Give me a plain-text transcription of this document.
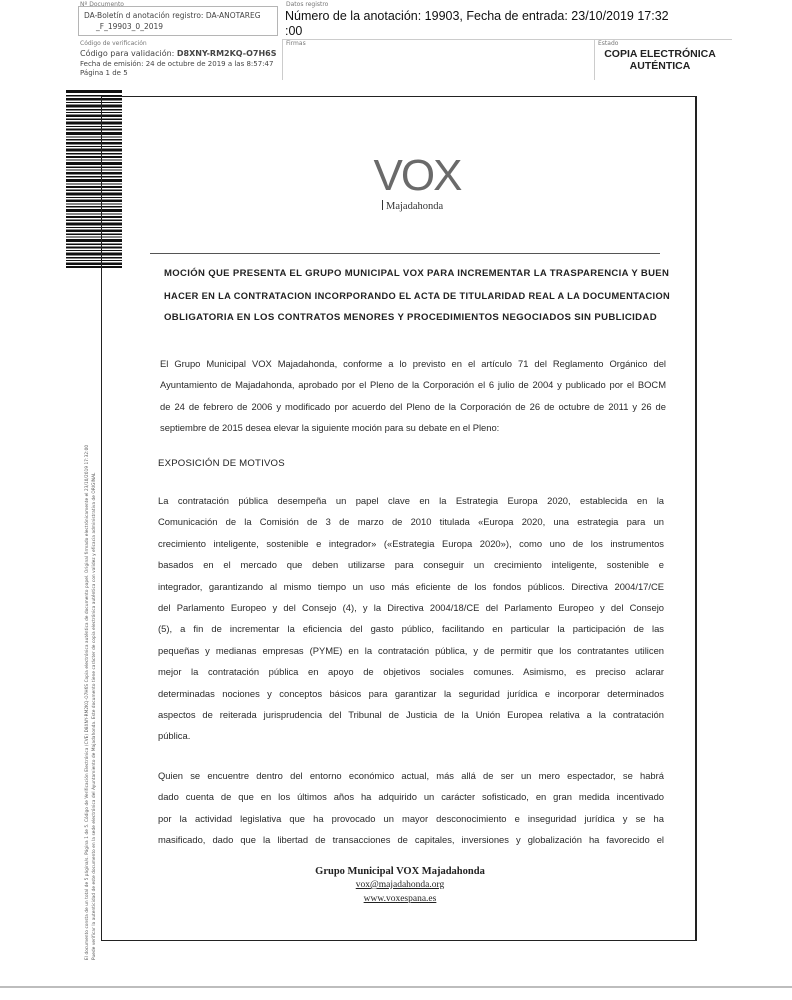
Nº Documento
DA-Boletín d anotación registro: DA-ANOTAREG
_F_19903_0_2019
Código de verificación
Código para validación: D8XNY-RM2KQ-O7H6S
Fecha de emisión: 24 de octubre de 2019 a las 8:57:47
Página 1 de 5
Datos registro
Número de la anotación: 19903, Fecha de entrada: 23/10/2019 17:32
:00
Firmas	Estado
COPIA ELECTRÓNICA
AUTÉNTICA
El documento consta de un total de 5 página/s. Página 1 de 5. Código de Verificación Electrónica (CVE) D8XNY-RM2KQ-O7H6S Copia electrónica auténtica de documento papel. Original firmado electrónicamente el 23/10/2019 17:32:00 Puede verificar la autenticidad de este documento en la sede electrónica del Ayuntamiento de Majadahonda. Este documento tiene carácter de copia electrónica auténtica con validez y eficacia administrativa de ORIGINAL
VOX
Majadahonda
MOCIÓN QUE PRESENTA EL GRUPO MUNICIPAL VOX PARA INCREMENTAR LA TRASPARENCIA Y BUEN
HACER EN LA CONTRATACION INCORPORANDO EL ACTA DE TITULARIDAD REAL A LA DOCUMENTACION
OBLIGATORIA EN LOS CONTRATOS MENORES Y PROCEDIMIENTOS NEGOCIADOS SIN PUBLICIDAD
El Grupo Municipal VOX Majadahonda, conforme a lo previsto en el artículo 71 del Reglamento Orgánico del
Ayuntamiento de Majadahonda, aprobado por el Pleno de la Corporación el 6 julio de 2004 y publicado por el BOCM
de 24 de febrero de 2006 y modificado por acuerdo del Pleno de la Corporación de 26 de octubre de 2011 y 26 de
septiembre de 2015 desea elevar la siguiente moción para su debate en el Pleno:
EXPOSICIÓN DE MOTIVOS
La contratación pública desempeña un papel clave en la Estrategia Europa 2020, establecida en la
Comunicación de la Comisión de 3 de marzo de 2010 titulada «Europa 2020, una estrategia para un
crecimiento inteligente, sostenible e integrador» («Estrategia Europa 2020»), como uno de los instrumentos
basados en el mercado que deben utilizarse para conseguir un crecimiento inteligente, sostenible e
integrador, garantizando al mismo tiempo un uso más eficiente de los fondos públicos. Directiva 2004/17/CE
del Parlamento Europeo y del Consejo (4), y la Directiva 2004/18/CE del Parlamento Europeo y del Consejo
(5), a fin de incrementar la eficiencia del gasto público, facilitando en particular la participación de las
pequeñas y medianas empresas (PYME) en la contratación pública, y de permitir que los contratantes utilicen
mejor la contratación pública en apoyo de objetivos sociales comunes. Asimismo, es preciso aclarar
determinadas nociones y conceptos básicos para garantizar la seguridad jurídica e incorporar determinados
aspectos de reiterada jurisprudencia del Tribunal de Justicia de la Unión Europea relativa a la contratación
pública.
Quien se encuentre dentro del entorno económico actual, más allá de ser un mero espectador, se habrá
dado cuenta de que en los últimos años ha adquirido un carácter sofisticado, en gran medida incentivado
por la actividad legislativa que ha provocado un mayor desconocimiento e inseguridad jurídica y se ha
masificado, dado que la libertad de transacciones de capitales, inversiones y globalización ha favorecido el
Grupo Municipal VOX Majadahonda
vox@majadahonda.org
www.voxespana.es
